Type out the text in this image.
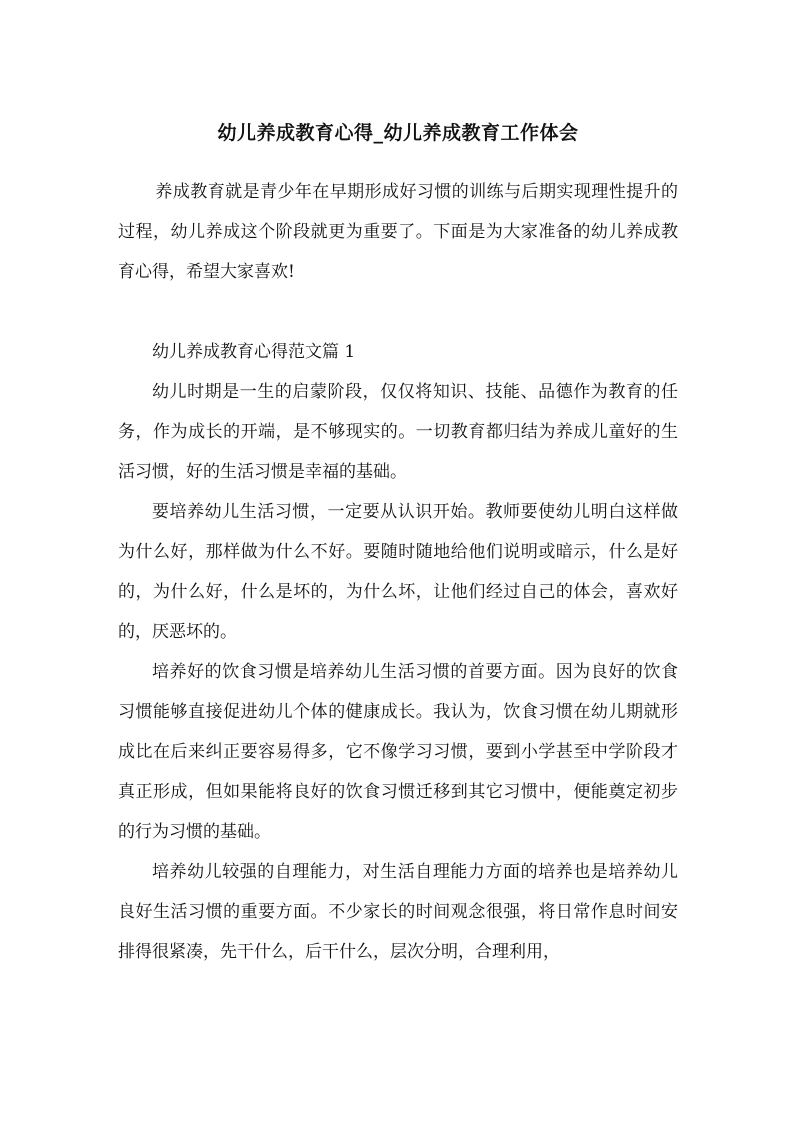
幼儿养成教育心得_幼儿养成教育工作体会

养成教育就是青少年在早期形成好习惯的训练与后期实现理性提升的过程，幼儿养成这个阶段就更为重要了。下面是为大家准备的幼儿养成教育心得，希望大家喜欢!

幼儿养成教育心得范文篇 1

幼儿时期是一生的启蒙阶段，仅仅将知识、技能、品德作为教育的任务，作为成长的开端，是不够现实的。一切教育都归结为养成儿童好的生活习惯，好的生活习惯是幸福的基础。

要培养幼儿生活习惯，一定要从认识开始。教师要使幼儿明白这样做为什么好，那样做为什么不好。要随时随地给他们说明或暗示，什么是好的，为什么好，什么是坏的，为什么坏，让他们经过自己的体会，喜欢好的，厌恶坏的。

培养好的饮食习惯是培养幼儿生活习惯的首要方面。因为良好的饮食习惯能够直接促进幼儿个体的健康成长。我认为，饮食习惯在幼儿期就形成比在后来纠正要容易得多，它不像学习习惯，要到小学甚至中学阶段才真正形成，但如果能将良好的饮食习惯迁移到其它习惯中，便能奠定初步的行为习惯的基础。

培养幼儿较强的自理能力，对生活自理能力方面的培养也是培养幼儿良好生活习惯的重要方面。不少家长的时间观念很强，将日常作息时间安排得很紧凑，先干什么，后干什么，层次分明，合理利用，
